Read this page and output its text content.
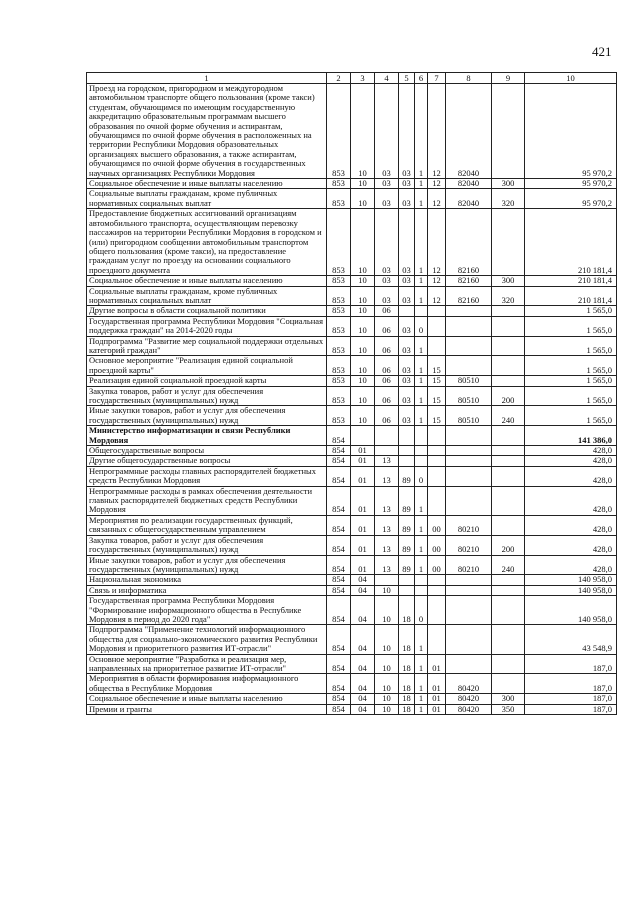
421
1	2	3	4	5	6	7	8	9	10
Проезд на городском, пригородном и междугородном автомобильном транспорте общего пользования (кроме такси) студентам, обучающимся по имеющим государственную аккредитацию образовательным программам высшего образования по очной форме обучения и аспирантам, обучающимся по очной форме обучения в расположенных на территории Республики Мордовия образовательных организациях высшего образования, а также аспирантам, обучающимся по очной форме обучения в государственных научных организациях Республики Мордовия	853	10	03	03	1	12	82040		95 970,2
Социальное обеспечение и иные выплаты населению	853	10	03	03	1	12	82040	300	95 970,2
Социальные выплаты гражданам, кроме публичных нормативных социальных выплат	853	10	03	03	1	12	82040	320	95 970,2
Предоставление бюджетных ассигнований организациям автомобильного транспорта, осуществляющим перевозку пассажиров на территории Республики Мордовия в городском и (или) пригородном сообщении автомобильным транспортом общего пользования (кроме такси), на предоставление гражданам услуг по проезду на основании социального проездного документа	853	10	03	03	1	12	82160		210 181,4
Социальное обеспечение и иные выплаты населению	853	10	03	03	1	12	82160	300	210 181,4
Социальные выплаты гражданам, кроме публичных нормативных социальных выплат	853	10	03	03	1	12	82160	320	210 181,4
Другие вопросы в области социальной политики	853	10	06						1 565,0
Государственная программа Республики Мордовия "Социальная поддержка граждан" на 2014-2020 годы	853	10	06	03	0				1 565,0
Подпрограмма "Развитие мер социальной поддержки отдельных категорий граждан"	853	10	06	03	1				1 565,0
Основное мероприятие "Реализация единой социальной проездной карты"	853	10	06	03	1	15			1 565,0
Реализация единой социальной проездной карты	853	10	06	03	1	15	80510		1 565,0
Закупка товаров, работ и услуг для обеспечения государственных (муниципальных) нужд	853	10	06	03	1	15	80510	200	1 565,0
Иные закупки товаров, работ и услуг для обеспечения государственных (муниципальных) нужд	853	10	06	03	1	15	80510	240	1 565,0
Министерство информатизации и связи Республики Мордовия	854								141 386,0
Общегосударственные вопросы	854	01							428,0
Другие общегосударственные вопросы	854	01	13						428,0
Непрограммные расходы главных распорядителей бюджетных средств Республики Мордовия	854	01	13	89	0				428,0
Непрограммные расходы в рамках обеспечения деятельности главных распорядителей бюджетных средств Республики Мордовия	854	01	13	89	1				428,0
Мероприятия по реализации государственных функций, связанных с общегосударственным управлением	854	01	13	89	1	00	80210		428,0
Закупка товаров, работ и услуг для обеспечения государственных (муниципальных) нужд	854	01	13	89	1	00	80210	200	428,0
Иные закупки товаров, работ и услуг для обеспечения государственных (муниципальных) нужд	854	01	13	89	1	00	80210	240	428,0
Национальная экономика	854	04							140 958,0
Связь и информатика	854	04	10						140 958,0
Государственная программа Республики Мордовия "Формирование информационного общества в Республике Мордовия в период до 2020 года"	854	04	10	18	0				140 958,0
Подпрограмма "Применение технологий информационного общества для социально-экономического развития Республики Мордовия и приоритетного развития ИТ-отрасли"	854	04	10	18	1				43 548,9
Основное мероприятие "Разработка и реализация мер, направленных на приоритетное развитие ИТ-отрасли"	854	04	10	18	1	01			187,0
Мероприятия в области формирования информационного общества в Республике Мордовия	854	04	10	18	1	01	80420		187,0
Социальное обеспечение и иные выплаты населению	854	04	10	18	1	01	80420	300	187,0
Премии и гранты	854	04	10	18	1	01	80420	350	187,0
